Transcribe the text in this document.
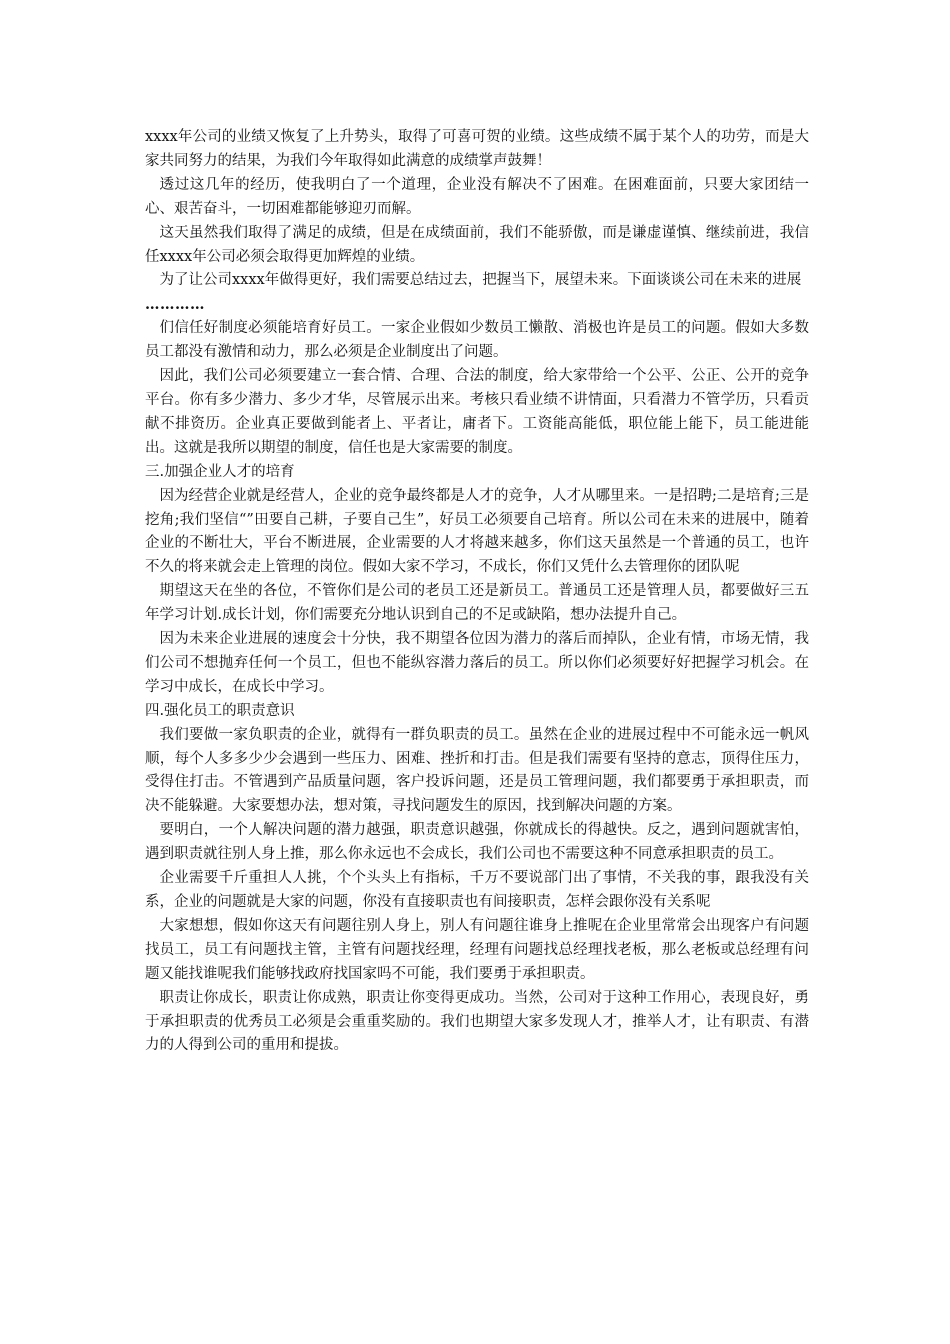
xxxx年公司的业绩又恢复了上升势头，取得了可喜可贺的业绩。这些成绩不属于某个人的功劳，而是大家共同努力的结果，为我们今年取得如此满意的成绩掌声鼓舞！

透过这几年的经历，使我明白了一个道理，企业没有解决不了困难。在困难面前，只要大家团结一心、艰苦奋斗，一切困难都能够迎刃而解。

这天虽然我们取得了满足的成绩，但是在成绩面前，我们不能骄傲，而是谦虚谨慎、继续前进，我信任xxxx年公司必须会取得更加辉煌的业绩。

为了让公司xxxx年做得更好，我们需要总结过去，把握当下，展望未来。下面谈谈公司在未来的进展

…………

们信任好制度必须能培育好员工。一家企业假如少数员工懒散、消极也许是员工的问题。假如大多数员工都没有激情和动力，那么必须是企业制度出了问题。

因此，我们公司必须要建立一套合情、合理、合法的制度，给大家带给一个公平、公正、公开的竞争平台。你有多少潜力、多少才华，尽管展示出来。考核只看业绩不讲情面，只看潜力不管学历，只看贡献不排资历。企业真正要做到能者上、平者让，庸者下。工资能高能低，职位能上能下，员工能进能出。这就是我所以期望的制度，信任也是大家需要的制度。

三.加强企业人才的培育

因为经营企业就是经营人，企业的竞争最终都是人才的竞争，人才从哪里来。一是招聘;二是培育;三是挖角;我们坚信“”田要自己耕，子要自己生”，好员工必须要自己培育。所以公司在未来的进展中，随着企业的不断壮大，平台不断进展，企业需要的人才将越来越多，你们这天虽然是一个普通的员工，也许不久的将来就会走上管理的岗位。假如大家不学习，不成长，你们又凭什么去管理你的团队呢

期望这天在坐的各位，不管你们是公司的老员工还是新员工。普通员工还是管理人员，都要做好三五年学习计划.成长计划，你们需要充分地认识到自己的不足或缺陷，想办法提升自己。

因为未来企业进展的速度会十分快，我不期望各位因为潜力的落后而掉队，企业有情，市场无情，我们公司不想抛弃任何一个员工，但也不能纵容潜力落后的员工。所以你们必须要好好把握学习机会。在学习中成长，在成长中学习。

四.强化员工的职责意识

我们要做一家负职责的企业，就得有一群负职责的员工。虽然在企业的进展过程中不可能永远一帆风顺，每个人多多少少会遇到一些压力、困难、挫折和打击。但是我们需要有坚持的意志，顶得住压力，受得住打击。不管遇到产品质量问题，客户投诉问题，还是员工管理问题，我们都要勇于承担职责，而决不能躲避。大家要想办法，想对策，寻找问题发生的原因，找到解决问题的方案。

要明白，一个人解决问题的潜力越强，职责意识越强，你就成长的得越快。反之，遇到问题就害怕，遇到职责就往别人身上推，那么你永远也不会成长，我们公司也不需要这种不同意承担职责的员工。

企业需要千斤重担人人挑，个个头头上有指标，千万不要说部门出了事情，不关我的事，跟我没有关系，企业的问题就是大家的问题，你没有直接职责也有间接职责，怎样会跟你没有关系呢

大家想想，假如你这天有问题往别人身上，别人有问题往谁身上推呢在企业里常常会出现客户有问题找员工，员工有问题找主管，主管有问题找经理，经理有问题找总经理找老板，那么老板或总经理有问题又能找谁呢我们能够找政府找国家吗不可能，我们要勇于承担职责。

职责让你成长，职责让你成熟，职责让你变得更成功。当然，公司对于这种工作用心，表现良好，勇于承担职责的优秀员工必须是会重重奖励的。我们也期望大家多发现人才，推举人才，让有职责、有潜力的人得到公司的重用和提拔。
